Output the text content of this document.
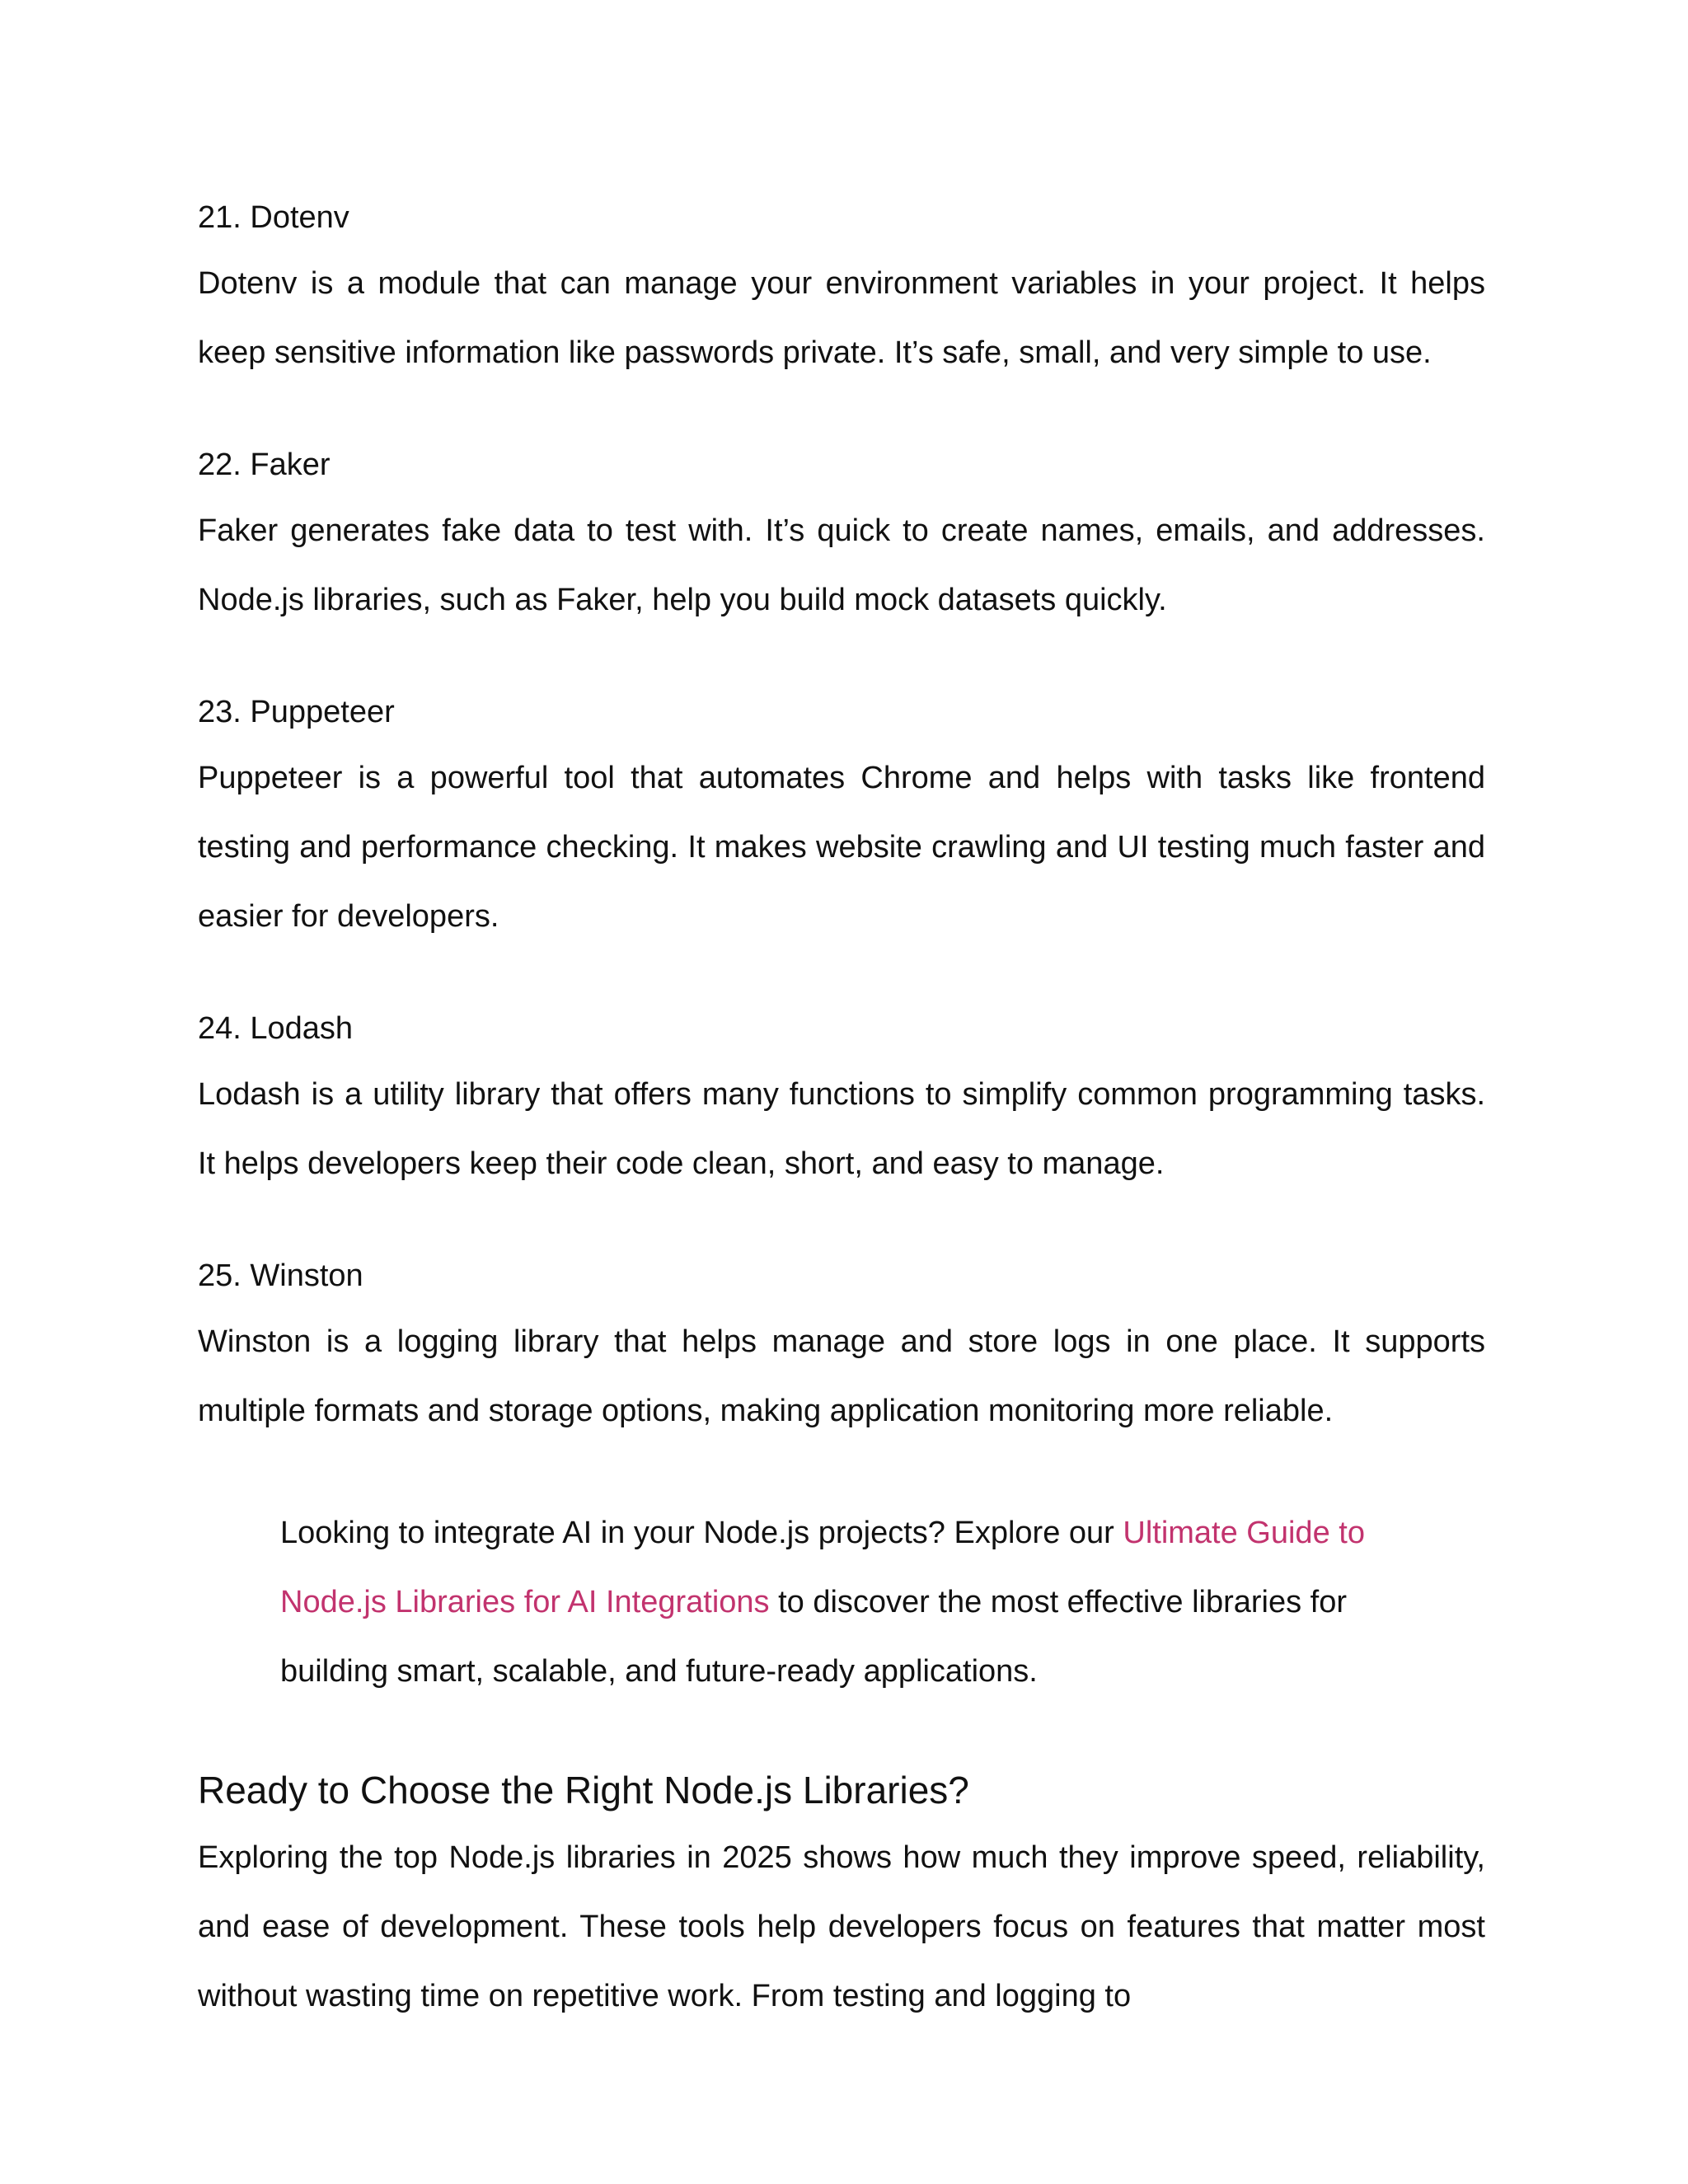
21. Dotenv

Dotenv is a module that can manage your environment variables in your project. It helps keep sensitive information like passwords private. It’s safe, small, and very simple to use.

22. Faker

Faker generates fake data to test with. It’s quick to create names, emails, and addresses. Node.js libraries, such as Faker, help you build mock datasets quickly.

23. Puppeteer

Puppeteer is a powerful tool that automates Chrome and helps with tasks like frontend testing and performance checking. It makes website crawling and UI testing much faster and easier for developers.

24. Lodash

Lodash is a utility library that offers many functions to simplify common programming tasks. It helps developers keep their code clean, short, and easy to manage.

25. Winston

Winston is a logging library that helps manage and store logs in one place. It supports multiple formats and storage options, making application monitoring more reliable.

Looking to integrate AI in your Node.js projects? Explore our Ultimate Guide to Node.js Libraries for AI Integrations to discover the most effective libraries for building smart, scalable, and future-ready applications.
Ready to Choose the Right Node.js Libraries?

Exploring the top Node.js libraries in 2025 shows how much they improve speed, reliability, and ease of development. These tools help developers focus on features that matter most without wasting time on repetitive work. From testing and logging to
